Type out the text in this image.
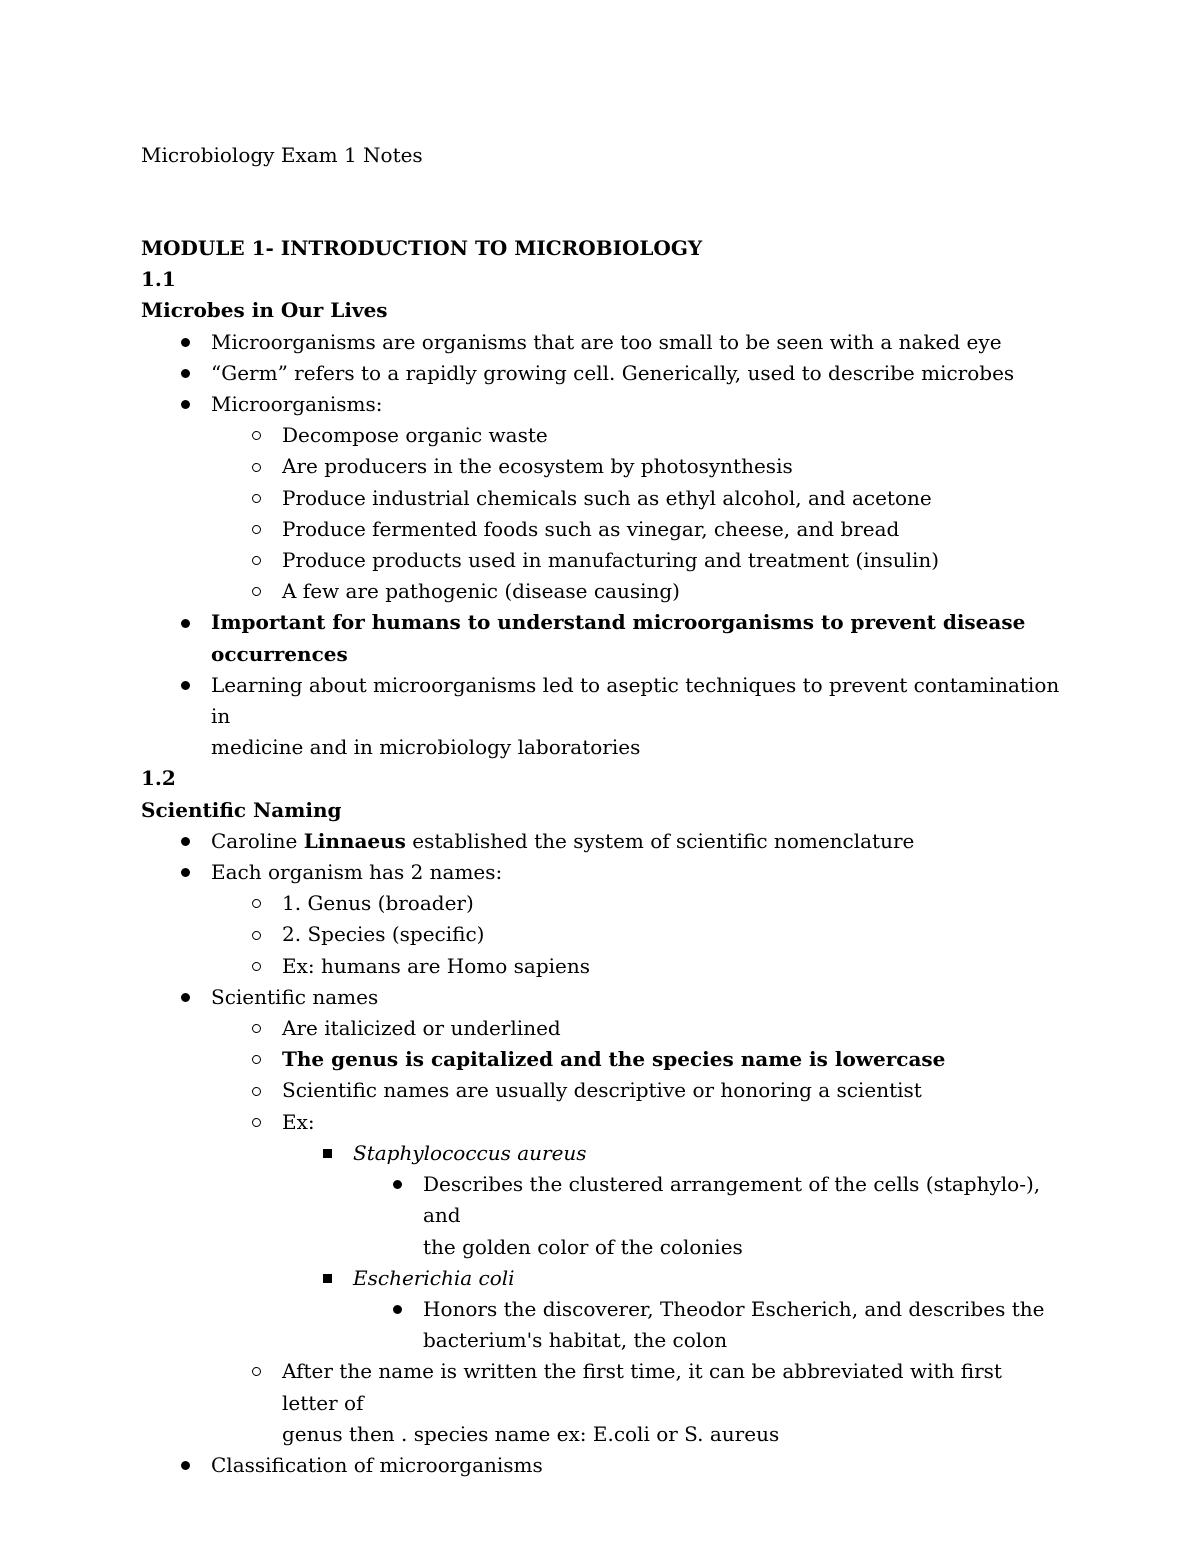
Microbiology Exam 1 Notes
MODULE 1- INTRODUCTION TO MICROBIOLOGY
1.1
Microbes in Our Lives
Microorganisms are organisms that are too small to be seen with a naked eye
“Germ” refers to a rapidly growing cell. Generically, used to describe microbes
Microorganisms:
Decompose organic waste
Are producers in the ecosystem by photosynthesis
Produce industrial chemicals such as ethyl alcohol, and acetone
Produce fermented foods such as vinegar, cheese, and bread
Produce products used in manufacturing and treatment (insulin)
A few are pathogenic (disease causing)
Important for humans to understand microorganisms to prevent disease
occurrences
Learning about microorganisms led to aseptic techniques to prevent contamination in
medicine and in microbiology laboratories
1.2
Scientific Naming
Caroline Linnaeus established the system of scientific nomenclature
Each organism has 2 names:
1. Genus (broader)
2. Species (specific)
Ex: humans are Homo sapiens
Scientific names
Are italicized or underlined
The genus is capitalized and the species name is lowercase
Scientific names are usually descriptive or honoring a scientist
Ex:
Staphylococcus aureus
Describes the clustered arrangement of the cells (staphylo-), and
the golden color of the colonies
Escherichia coli
Honors the discoverer, Theodor Escherich, and describes the
bacterium's habitat, the colon
After the name is written the first time, it can be abbreviated with first letter of
genus then . species name ex: E.coli or S. aureus
Classification of microorganisms
